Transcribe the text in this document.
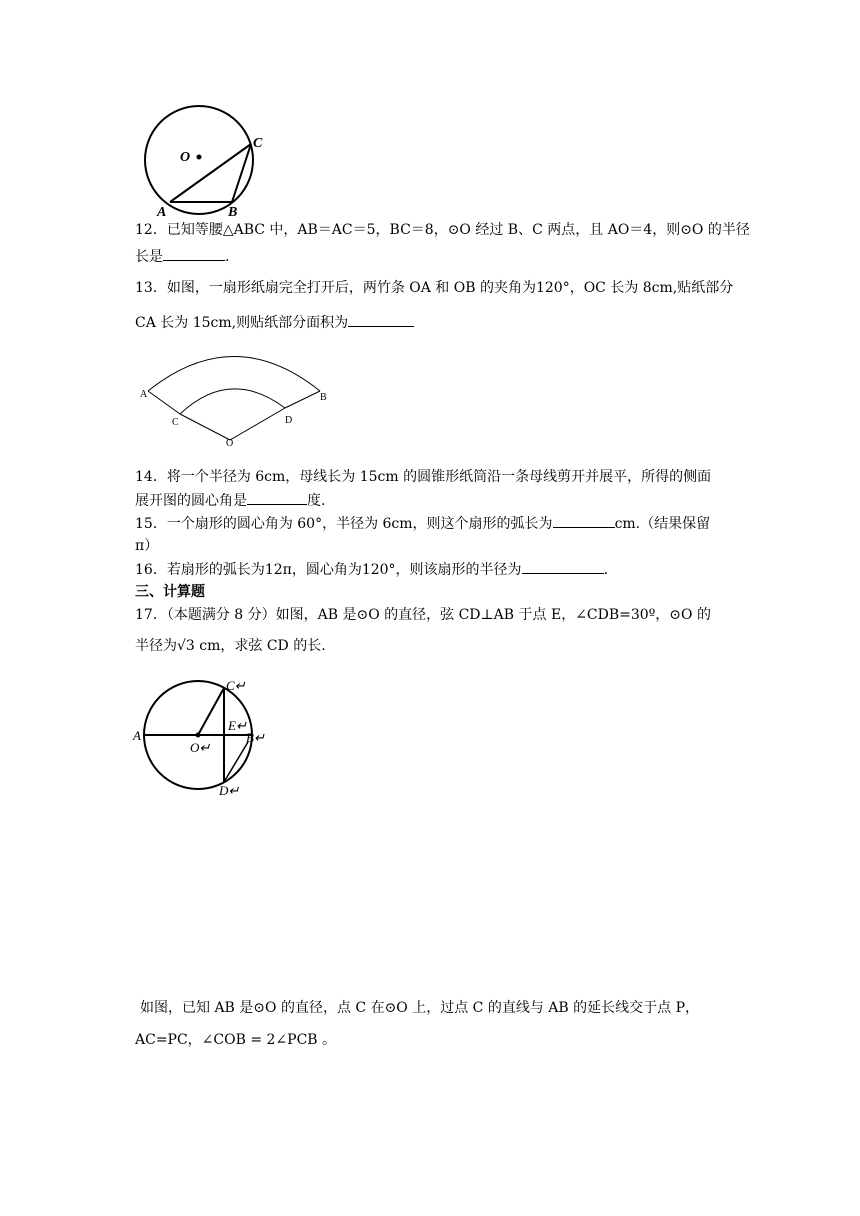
O
C
A	B
12．已知等腰△ABC 中，AB＝AC＝5，BC＝8，⊙O 经过 B、C 两点，且 AO＝4，则⊙O 的半径
长是	.
13．如图，一扇形纸扇完全打开后，两竹条 OA 和 OB 的夹角为120°，OC 长为 8cm,贴纸部分
CA 长为 15cm,则贴纸部分面积为
A	B
C	D
O
14．将一个半径为 6cm，母线长为 15cm 的圆锥形纸筒沿一条母线剪开并展平，所得的侧面
展开图的圆心角是	度.
15．一个扇形的圆心角为 60°，半径为 6cm，则这个扇形的弧长为	cm.（结果保留
π）
16．若扇形的弧长为12π，圆心角为120°，则该扇形的半径为	.
三、计算题
17．（本题满分 8 分）如图，AB 是⊙O 的直径，弦 CD⊥AB 于点 E，∠CDB=30º，⊙O 的
半径为√3 cm，求弦 CD 的长.
C↵
A
E↵
B↵
O↵
D↵
如图，已知 AB 是⊙O 的直径，点 C 在⊙O 上，过点 C 的直线与 AB 的延长线交于点 P，
AC=PC，∠COB = 2∠PCB 。
